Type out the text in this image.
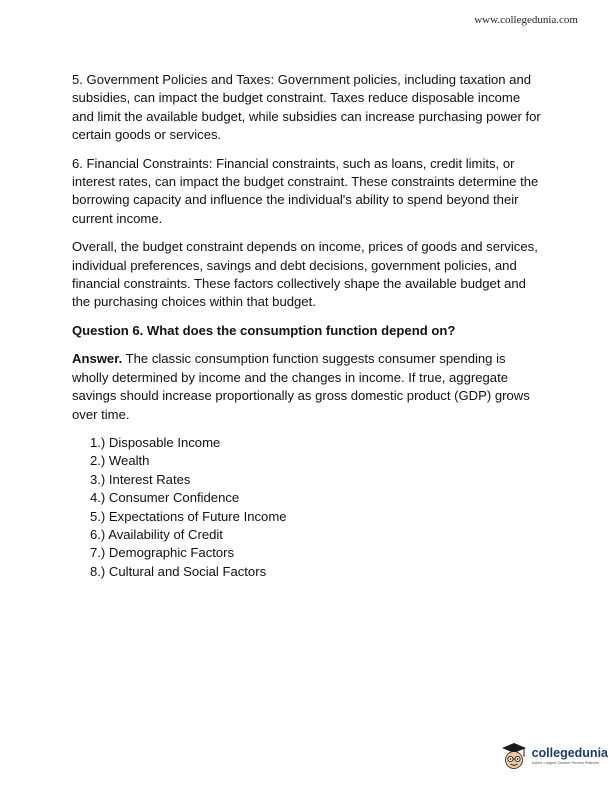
www.collegedunia.com

5. Government Policies and Taxes: Government policies, including taxation and subsidies, can impact the budget constraint. Taxes reduce disposable income and limit the available budget, while subsidies can increase purchasing power for certain goods or services.

6. Financial Constraints: Financial constraints, such as loans, credit limits, or interest rates, can impact the budget constraint. These constraints determine the borrowing capacity and influence the individual's ability to spend beyond their current income.

Overall, the budget constraint depends on income, prices of goods and services, individual preferences, savings and debt decisions, government policies, and financial constraints. These factors collectively shape the available budget and the purchasing choices within that budget.

Question 6. What does the consumption function depend on?

Answer. The classic consumption function suggests consumer spending is wholly determined by income and the changes in income. If true, aggregate savings should increase proportionally as gross domestic product (GDP) grows over time.

1.) Disposable Income
2.) Wealth
3.) Interest Rates
4.) Consumer Confidence
5.) Expectations of Future Income
6.) Availability of Credit
7.) Demographic Factors
8.) Cultural and Social Factors
collegedunia
India's Largest Student Review Platform
